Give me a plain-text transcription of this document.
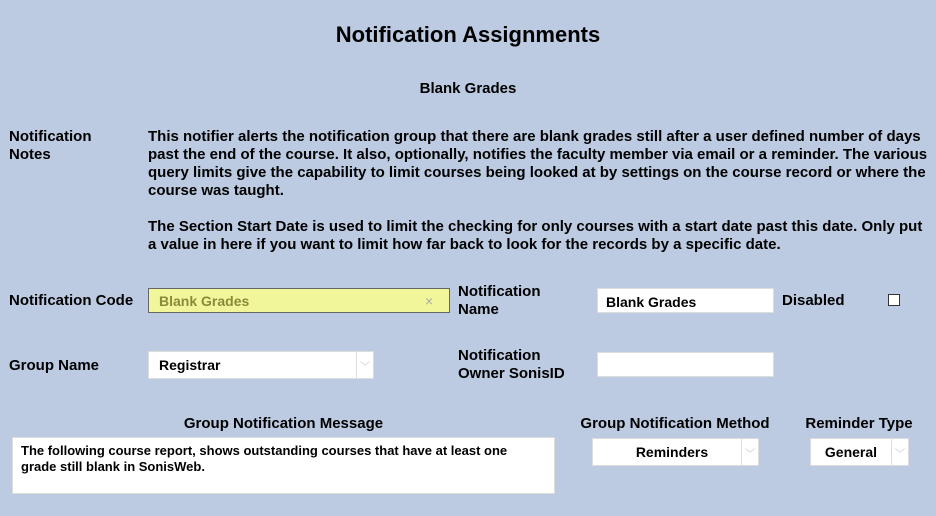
Notification Assignments
Blank Grades
Notification Notes

This notifier alerts the notification group that there are blank grades still after a user defined number of days past the end of the course. It also, optionally, notifies the faculty member via email or a reminder. The various query limits give the capability to limit courses being looked at by settings on the course record or where the course was taught.

The Section Start Date is used to limit the checking for only courses with a start date past this date. Only put a value in here if you want to limit how far back to look for the records by a specific date.

Notification Code	Blank Grades	×
Notification Name	Blank Grades	Disabled
Group Name	Registrar	﹀
Notification Owner SonisID
Group Notification Message
The following course report, shows outstanding courses that have at least one grade still blank in SonisWeb.
Group Notification Method
Reminders	﹀
Reminder Type
General	﹀
